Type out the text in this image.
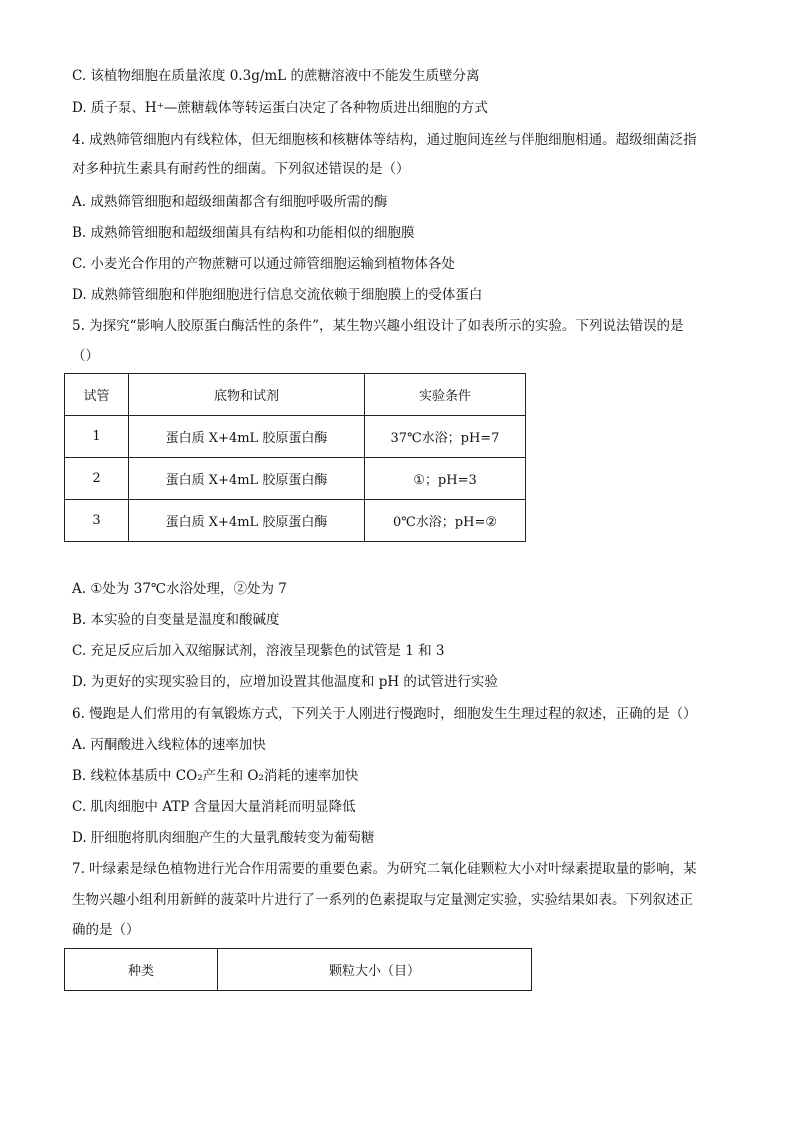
C. 该植物细胞在质量浓度 0.3g/mL 的蔗糖溶液中不能发生质壁分离
D. 质子泵、H⁺—蔗糖载体等转运蛋白决定了各种物质进出细胞的方式
4. 成熟筛管细胞内有线粒体，但无细胞核和核糖体等结构，通过胞间连丝与伴胞细胞相通。超级细菌泛指
对多种抗生素具有耐药性的细菌。下列叙述错误的是（）
A. 成熟筛管细胞和超级细菌都含有细胞呼吸所需的酶
B. 成熟筛管细胞和超级细菌具有结构和功能相似的细胞膜
C. 小麦光合作用的产物蔗糖可以通过筛管细胞运输到植物体各处
D. 成熟筛管细胞和伴胞细胞进行信息交流依赖于细胞膜上的受体蛋白
5. 为探究“影响人胶原蛋白酶活性的条件”，某生物兴趣小组设计了如表所示的实验。下列说法错误的是
（）
试管	底物和试剂	实验条件
1	蛋白质 X+4mL 胶原蛋白酶	37℃水浴；pH=7
2	蛋白质 X+4mL 胶原蛋白酶	①；pH=3
3	蛋白质 X+4mL 胶原蛋白酶	0℃水浴；pH=②
A. ①处为 37℃水浴处理，②处为 7
B. 本实验的自变量是温度和酸碱度
C. 充足反应后加入双缩脲试剂，溶液呈现紫色的试管是 1 和 3
D. 为更好的实现实验目的，应增加设置其他温度和 pH 的试管进行实验
6. 慢跑是人们常用的有氧锻炼方式，下列关于人刚进行慢跑时，细胞发生生理过程的叙述，正确的是（）
A. 丙酮酸进入线粒体的速率加快
B. 线粒体基质中 CO₂产生和 O₂消耗的速率加快
C. 肌肉细胞中 ATP 含量因大量消耗而明显降低
D. 肝细胞将肌肉细胞产生的大量乳酸转变为葡萄糖
7. 叶绿素是绿色植物进行光合作用需要的重要色素。为研究二氧化硅颗粒大小对叶绿素提取量的影响，某
生物兴趣小组利用新鲜的菠菜叶片进行了一系列的色素提取与定量测定实验，实验结果如表。下列叙述正
确的是（）
种类	颗粒大小（目）
